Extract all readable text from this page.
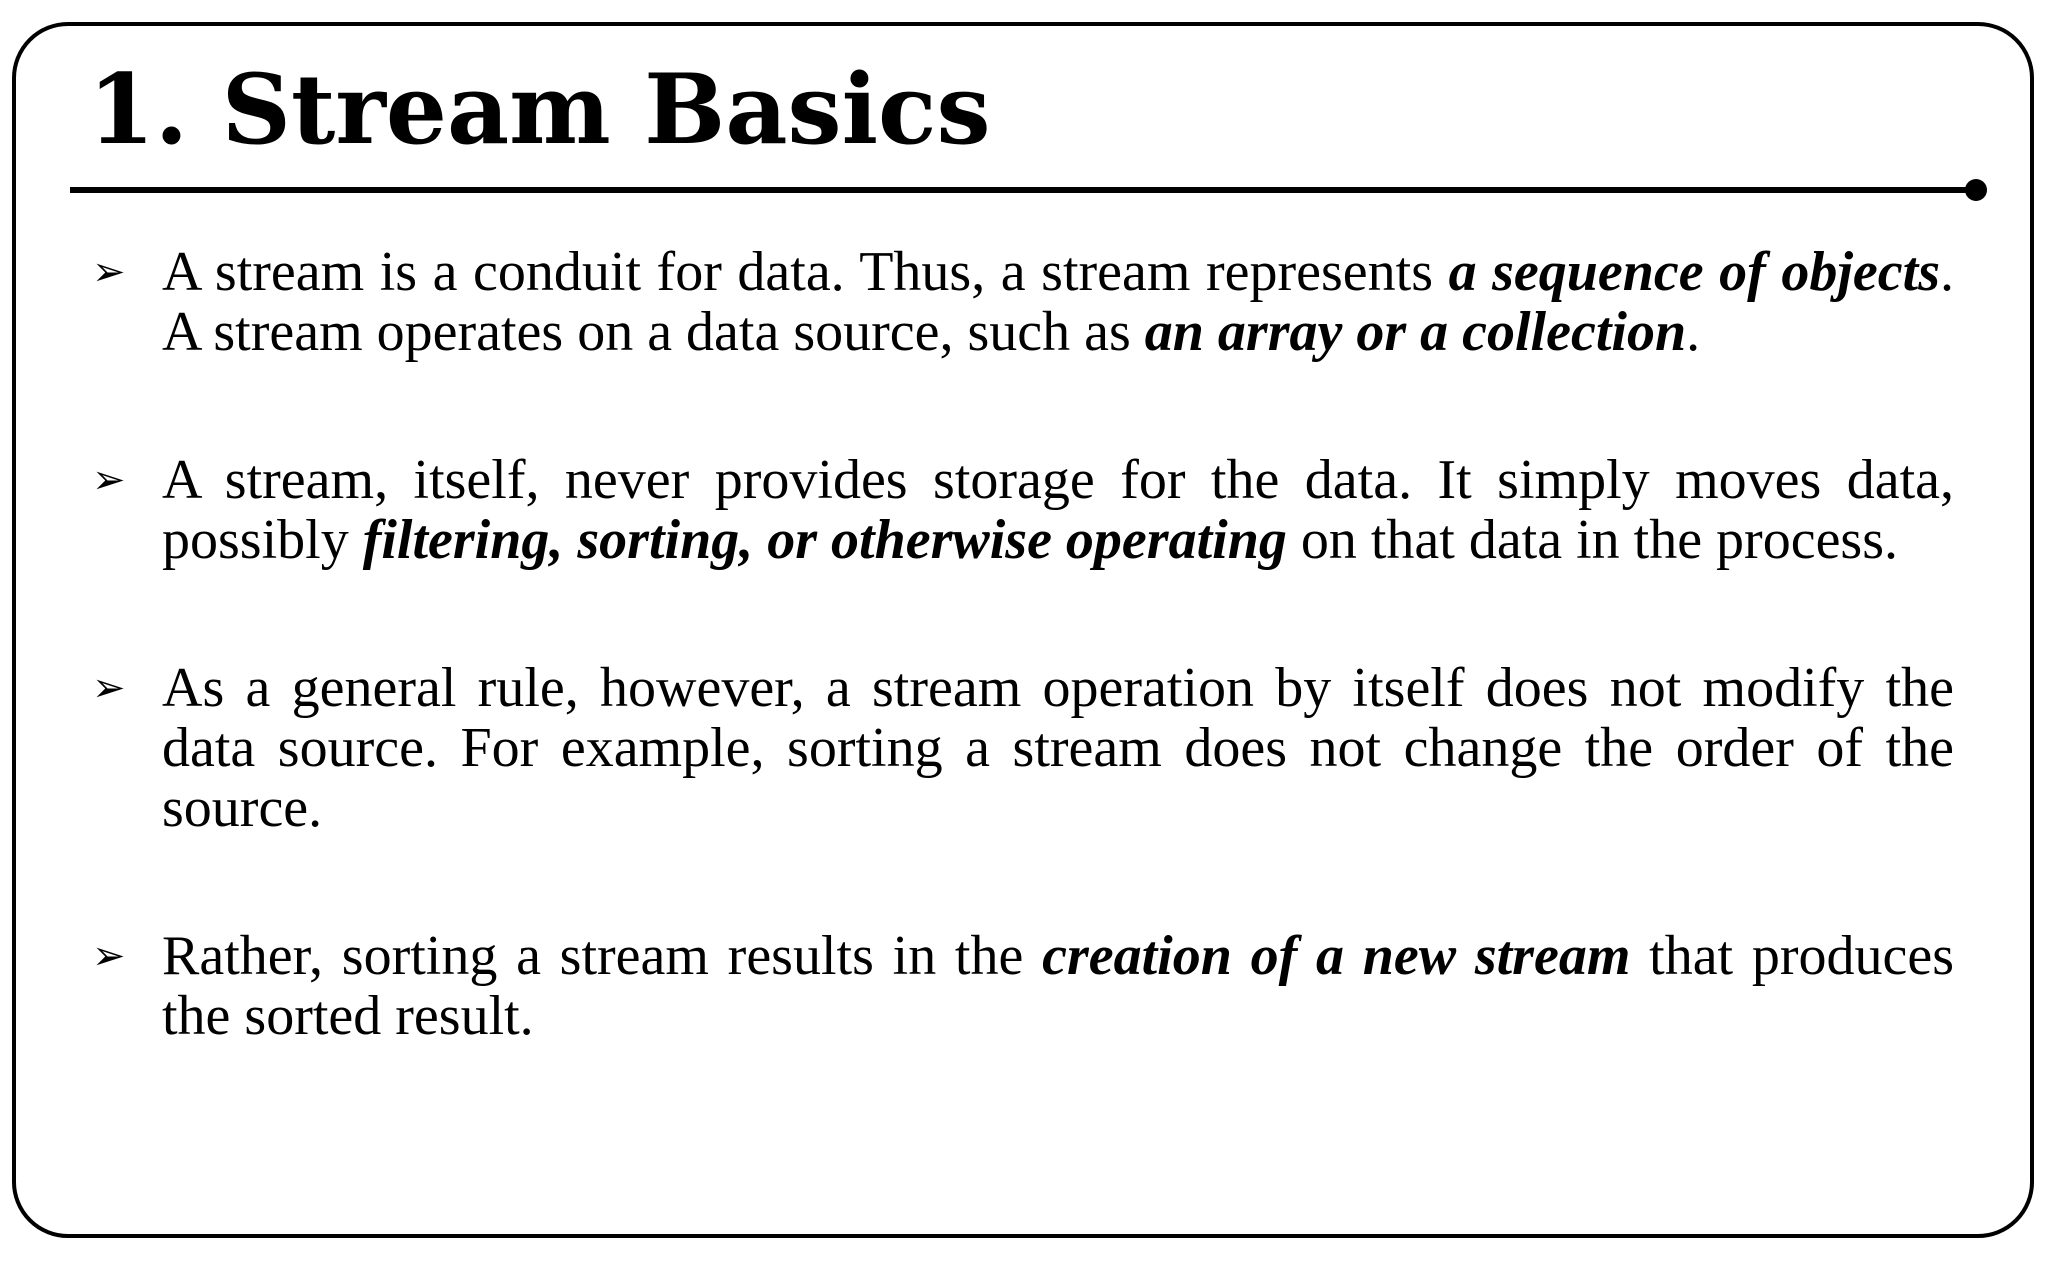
1. Stream Basics
➢ A stream is a conduit for data. Thus, a stream represents a sequence of objects. A stream operates on a data source, such as an array or a collection.
➢ A stream, itself, never provides storage for the data. It simply moves data, possibly filtering, sorting, or otherwise operating on that data in the process.
➢ As a general rule, however, a stream operation by itself does not modify the data source. For example, sorting a stream does not change the order of the source.
➢ Rather, sorting a stream results in the creation of a new stream that produces the sorted result.
